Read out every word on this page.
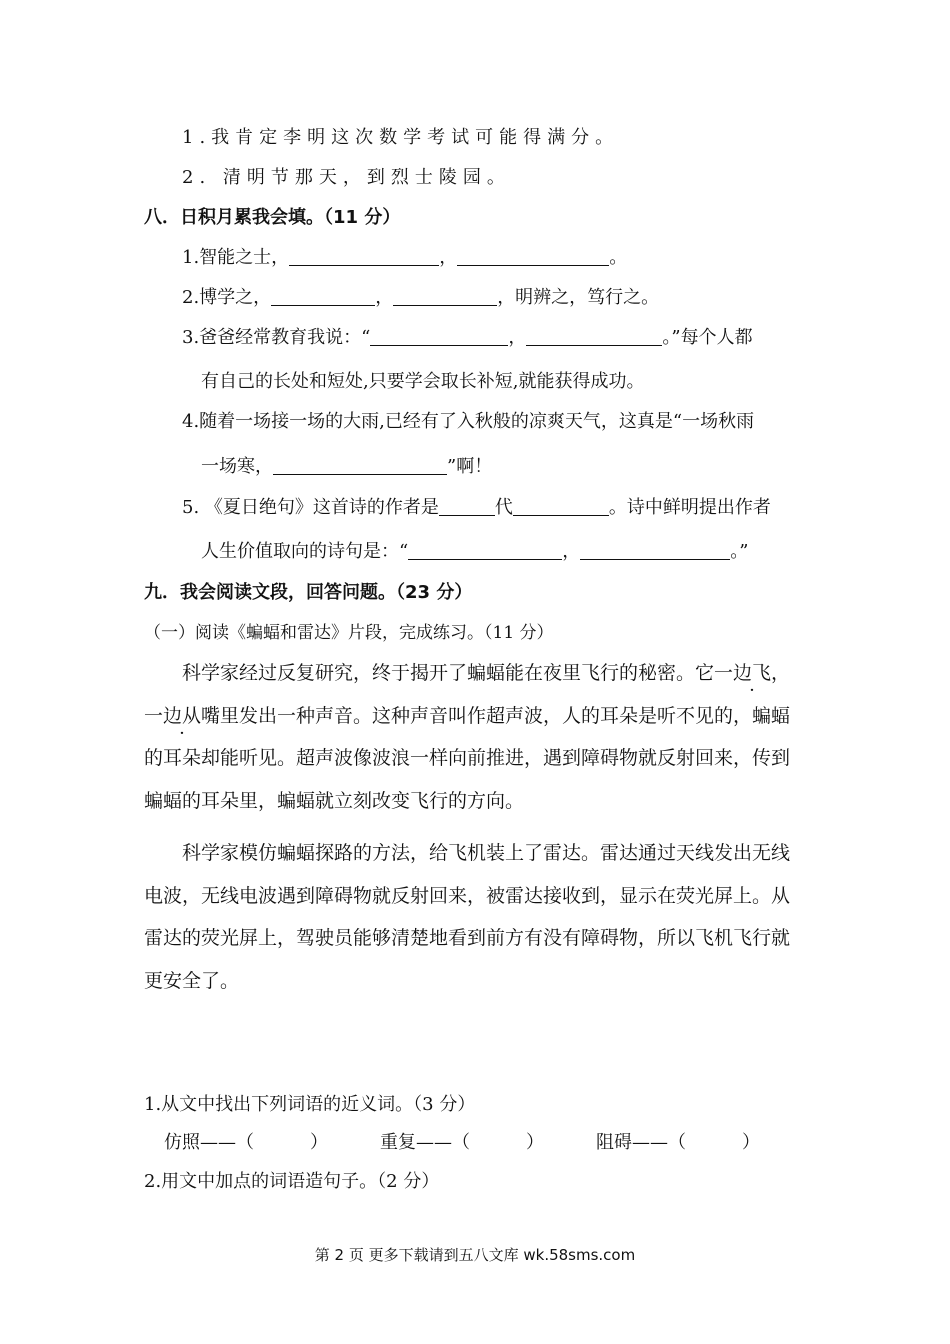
1.我肯定李明这次数学考试可能得满分。
2. 清明节那天，到烈士陵园。
八．日积月累我会填。（11 分）
1.智能之士，	，	。
2.博学之，	，	，明辨之，笃行之。
3.爸爸经常教育我说：“	，	。”每个人都
有自己的长处和短处,只要学会取长补短,就能获得成功。
4.随着一场接一场的大雨,已经有了入秋般的凉爽天气，这真是“一场秋雨
一场寒，	”啊！
5. 《夏日绝句》这首诗的作者是	代	。诗中鲜明提出作者
人生价值取向的诗句是：“	，	。”
九．我会阅读文段，回答问题。（23 分）
（一）阅读《蝙蝠和雷达》片段，完成练习。（11 分）
科学家经过反复研究，终于揭开了蝙蝠能在夜里飞行的秘密。它一边飞，一边从嘴里发出一种声音。这种声音叫作超声波，人的耳朵是听不见的，蝙蝠的耳朵却能听见。超声波像波浪一样向前推进，遇到障碍物就反射回来，传到蝙蝠的耳朵里，蝙蝠就立刻改变飞行的方向。
科学家模仿蝙蝠探路的方法，给飞机装上了雷达。雷达通过天线发出无线电波，无线电波遇到障碍物就反射回来，被雷达接收到，显示在荧光屏上。从雷达的荧光屏上，驾驶员能够清楚地看到前方有没有障碍物，所以飞机飞行就更安全了。
1.从文中找出下列词语的近义词。（3 分）
仿照——（	）	重复——（	）	阻碍——（	）
2.用文中加点的词语造句子。（2 分）
第 2 页 更多下载请到五八文库 wk.58sms.com
